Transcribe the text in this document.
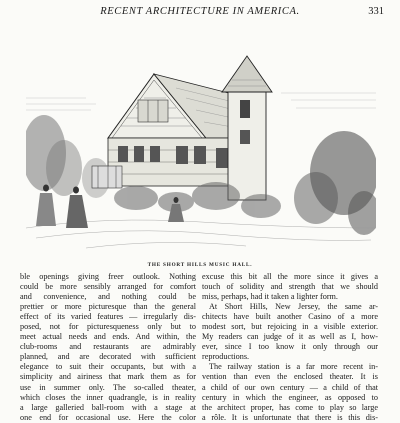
RECENT ARCHITECTURE IN AMERICA.	331
THE SHORT HILLS MUSIC HALL.
ble openings giving freer outlook. Nothing
could be more sensibly arranged for comfort
and convenience, and nothing could be
prettier or more picturesque than the general
effect of its varied features — irregularly dis-
posed, not for picturesqueness only but to
meet actual needs and ends. And within, the
club-rooms and restaurants are admirably
planned, and are decorated with sufficient
elegance to suit their occupants, but with a
simplicity and airiness that mark them as for
use in summer only. The so-called theater,
which closes the inner quadrangle, is in reality
a large galleried ball-room with a stage at
one end for occasional use. Here the color
excuse this bit all the more since it gives a
touch of solidity and strength that we should
miss, perhaps, had it taken a lighter form.
At Short Hills, New Jersey, the same ar-
chitects have built another Casino of a more
modest sort, but rejoicing in a visible exterior.
My readers can judge of it as well as I, how-
ever, since I too know it only through our
reproductions.
The railway station is a far more recent in-
vention than even the enclosed theater. It is
a child of our own century — a child of that
century in which the engineer, as opposed to
the architect proper, has come to play so large
a rôle. It is unfortunate that there is this dis-
